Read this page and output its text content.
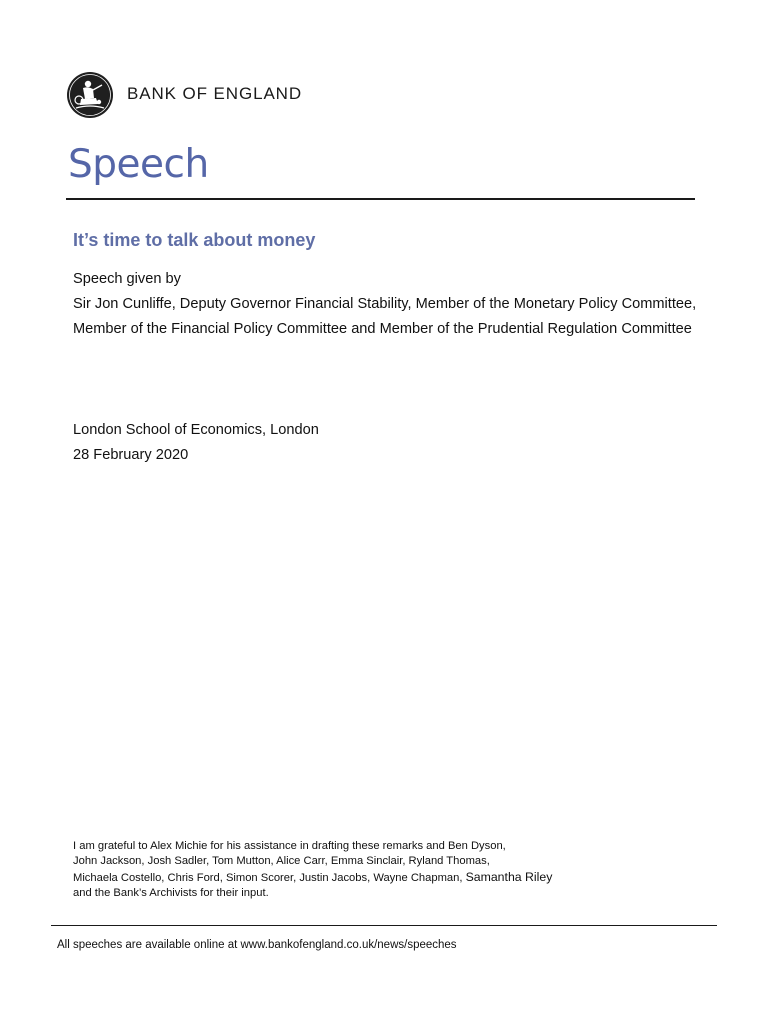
BANK OF ENGLAND
Speech
It’s time to talk about money
Speech given by
Sir Jon Cunliffe, Deputy Governor Financial Stability, Member of the Monetary Policy Committee, Member of the Financial Policy Committee and Member of the Prudential Regulation Committee
London School of Economics, London
28 February 2020
I am grateful to Alex Michie for his assistance in drafting these remarks and Ben Dyson,
John Jackson, Josh Sadler, Tom Mutton, Alice Carr, Emma Sinclair, Ryland Thomas,
Michaela Costello, Chris Ford, Simon Scorer, Justin Jacobs, Wayne Chapman, Samantha Riley
and the Bank’s Archivists for their input.
All speeches are available online at www.bankofengland.co.uk/news/speeches
